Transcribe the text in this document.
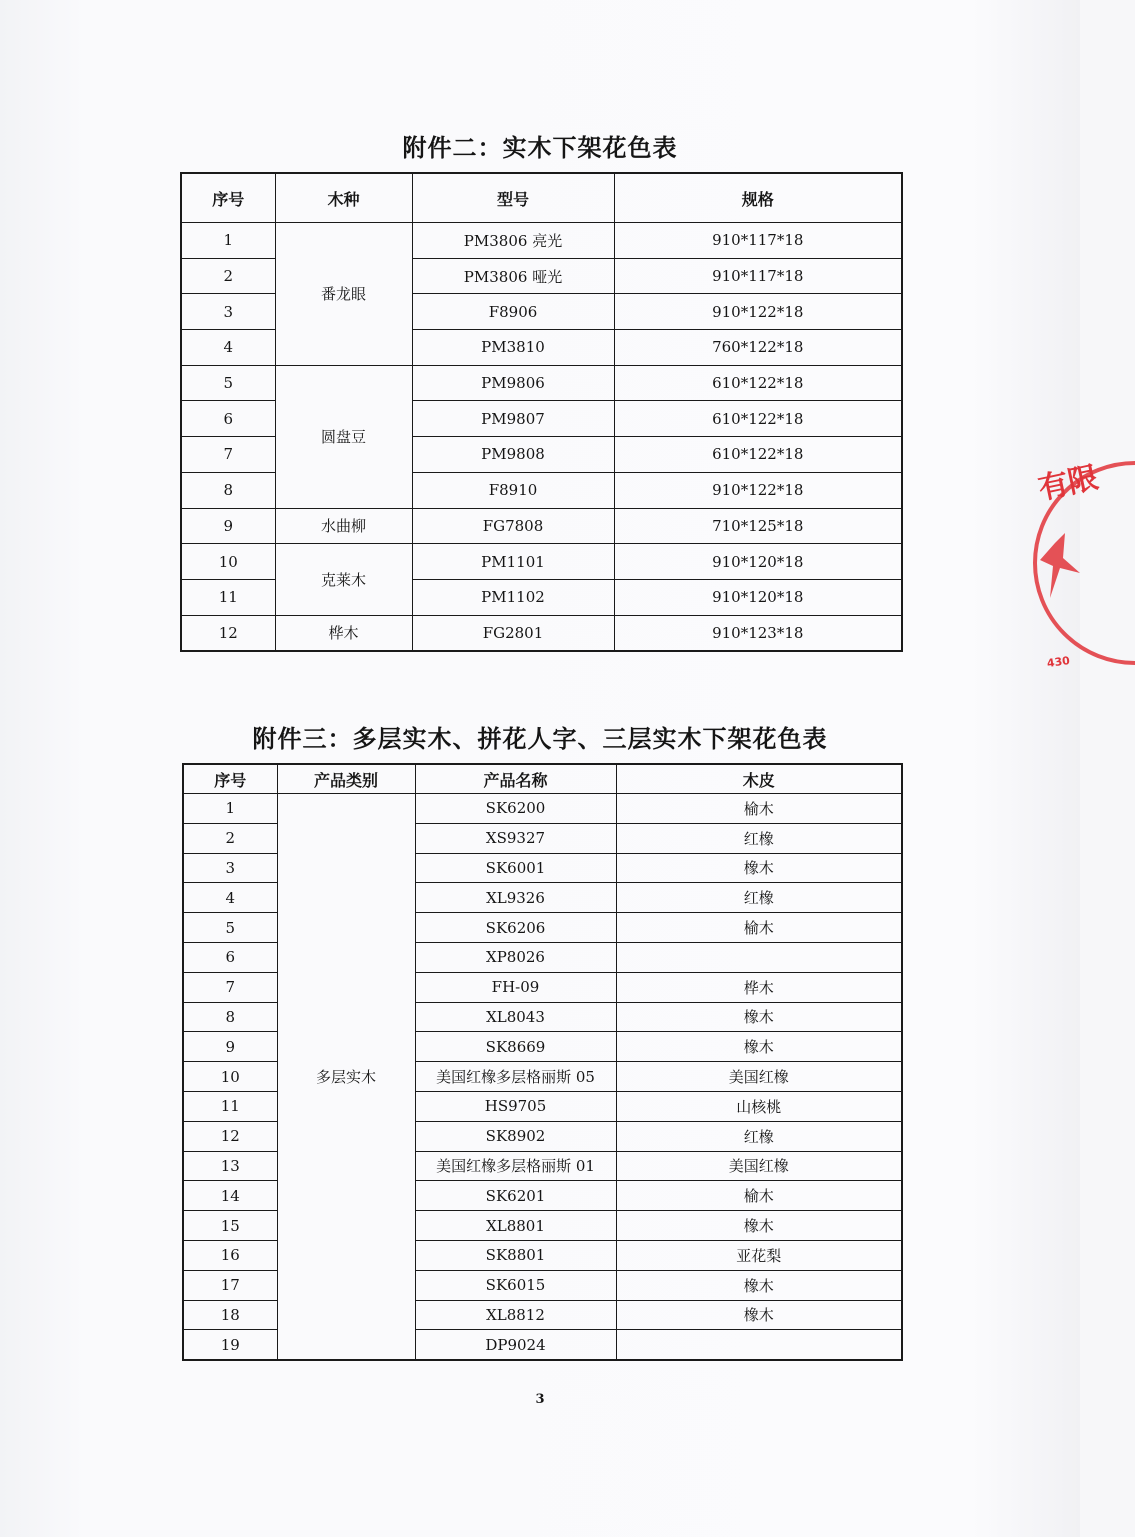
附件二：实木下架花色表
序号	木种	型号	规格
1	番龙眼	PM3806 亮光	910*117*18
2		PM3806 哑光	910*117*18
3		F8906	910*122*18
4		PM3810	760*122*18
5	圆盘豆	PM9806	610*122*18
6		PM9807	610*122*18
7		PM9808	610*122*18
8		F8910	910*122*18
9	水曲柳	FG7808	710*125*18
10	克莱木	PM1101	910*120*18
11		PM1102	910*120*18
12	桦木	FG2801	910*123*18
附件三：多层实木、拼花人字、三层实木下架花色表
序号	产品类别	产品名称	木皮
1	多层实木	SK6200	榆木
2		XS9327	红橡
3		SK6001	橡木
4		XL9326	红橡
5		SK6206	榆木
6		XP8026	
7		FH-09	桦木
8		XL8043	橡木
9		SK8669	橡木
10		美国红橡多层格丽斯 05	美国红橡
11		HS9705	山核桃
12		SK8902	红橡
13		美国红橡多层格丽斯 01	美国红橡
14		SK6201	榆木
15		XL8801	橡木
16		SK8801	亚花梨
17		SK6015	橡木
18		XL8812	橡木
19		DP9024	
3
有限
430
